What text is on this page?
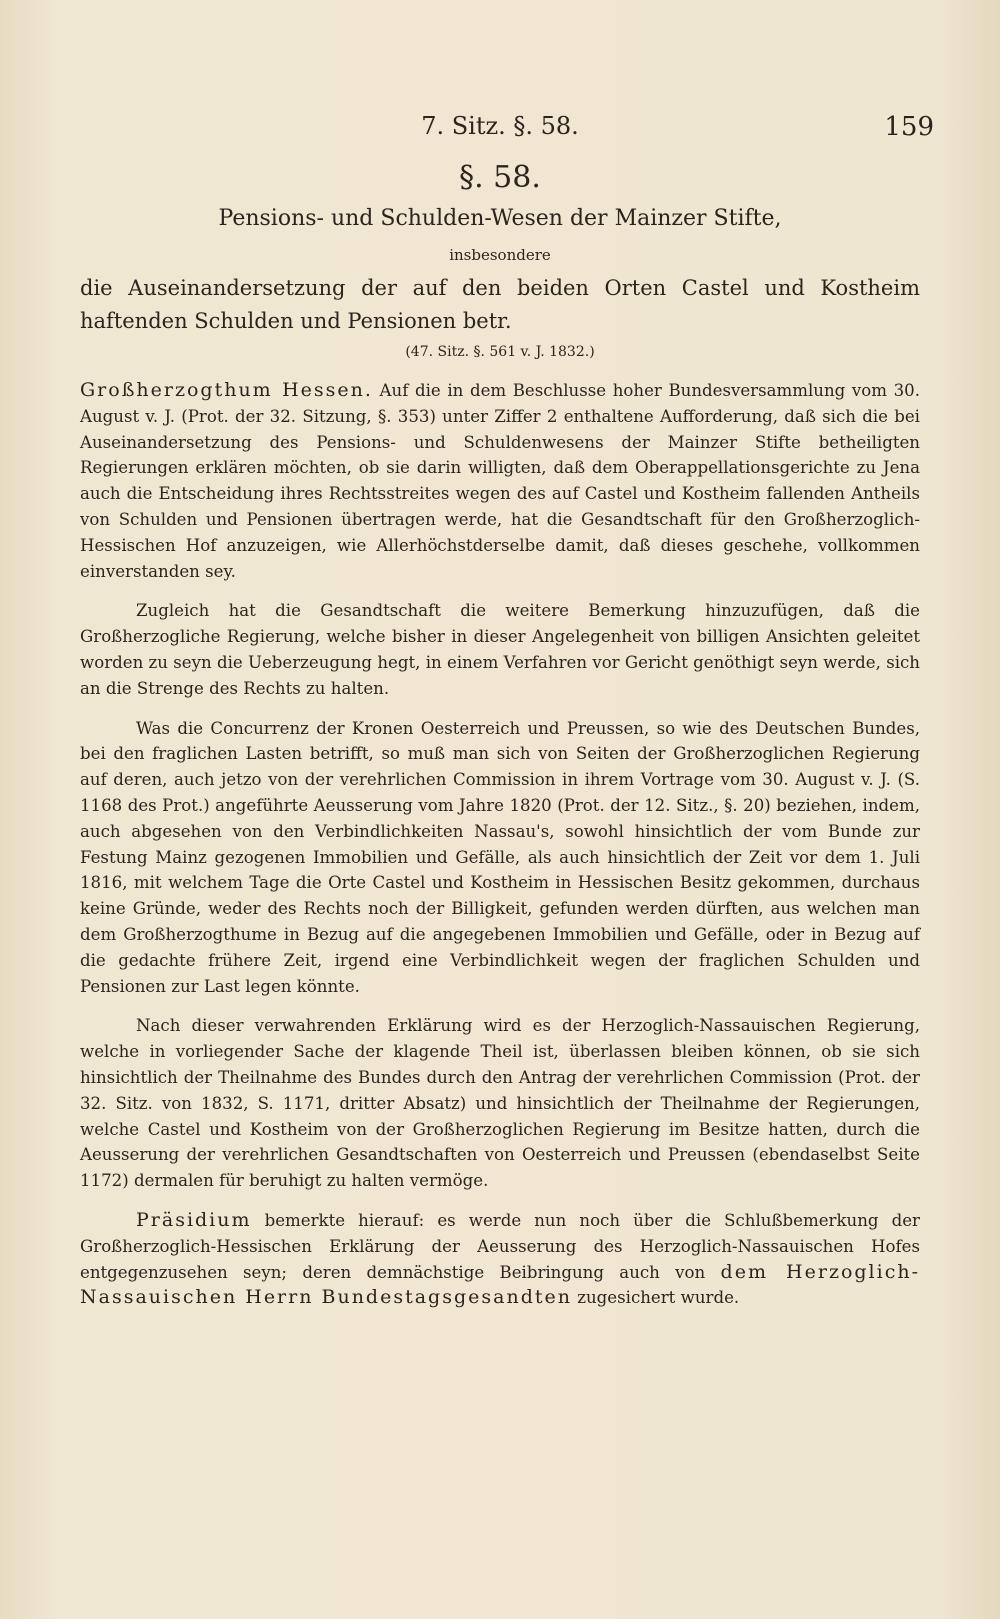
7. Sitz. §. 58.	159
§. 58.
Pensions- und Schulden-Wesen der Mainzer Stifte,
insbesondere
die Auseinandersetzung der auf den beiden Orten Castel und Kostheim haftenden Schulden und Pensionen betr.
(47. Sitz. §. 561 v. J. 1832.)

Großherzogthum Hessen. Auf die in dem Beschlusse hoher Bundesversammlung vom 30. August v. J. (Prot. der 32. Sitzung, §. 353) unter Ziffer 2 enthaltene Aufforderung, daß sich die bei Auseinandersetzung des Pensions- und Schuldenwesens der Mainzer Stifte betheiligten Regierungen erklären möchten, ob sie darin willigten, daß dem Oberappellationsgerichte zu Jena auch die Entscheidung ihres Rechtsstreites wegen des auf Castel und Kostheim fallenden Antheils von Schulden und Pensionen übertragen werde, hat die Gesandtschaft für den Großherzoglich-Hessischen Hof anzuzeigen, wie Allerhöchstderselbe damit, daß dieses geschehe, vollkommen einverstanden sey.

Zugleich hat die Gesandtschaft die weitere Bemerkung hinzuzufügen, daß die Großherzogliche Regierung, welche bisher in dieser Angelegenheit von billigen Ansichten geleitet worden zu seyn die Ueberzeugung hegt, in einem Verfahren vor Gericht genöthigt seyn werde, sich an die Strenge des Rechts zu halten.

Was die Concurrenz der Kronen Oesterreich und Preussen, so wie des Deutschen Bundes, bei den fraglichen Lasten betrifft, so muß man sich von Seiten der Großherzoglichen Regierung auf deren, auch jetzo von der verehrlichen Commission in ihrem Vortrage vom 30. August v. J. (S. 1168 des Prot.) angeführte Aeusserung vom Jahre 1820 (Prot. der 12. Sitz., §. 20) beziehen, indem, auch abgesehen von den Verbindlichkeiten Nassau's, sowohl hinsichtlich der vom Bunde zur Festung Mainz gezogenen Immobilien und Gefälle, als auch hinsichtlich der Zeit vor dem 1. Juli 1816, mit welchem Tage die Orte Castel und Kostheim in Hessischen Besitz gekommen, durchaus keine Gründe, weder des Rechts noch der Billigkeit, gefunden werden dürften, aus welchen man dem Großherzogthume in Bezug auf die angegebenen Immobilien und Gefälle, oder in Bezug auf die gedachte frühere Zeit, irgend eine Verbindlichkeit wegen der fraglichen Schulden und Pensionen zur Last legen könnte.

Nach dieser verwahrenden Erklärung wird es der Herzoglich-Nassauischen Regierung, welche in vorliegender Sache der klagende Theil ist, überlassen bleiben können, ob sie sich hinsichtlich der Theilnahme des Bundes durch den Antrag der verehrlichen Commission (Prot. der 32. Sitz. von 1832, S. 1171, dritter Absatz) und hinsichtlich der Theilnahme der Regierungen, welche Castel und Kostheim von der Großherzoglichen Regierung im Besitze hatten, durch die Aeusserung der verehrlichen Gesandtschaften von Oesterreich und Preussen (ebendaselbst Seite 1172) dermalen für beruhigt zu halten vermöge.

Präsidium bemerkte hierauf: es werde nun noch über die Schlußbemerkung der Großherzoglich-Hessischen Erklärung der Aeusserung des Herzoglich-Nassauischen Hofes entgegenzusehen seyn; deren demnächstige Beibringung auch von dem Herzoglich-Nassauischen Herrn Bundestagsgesandten zugesichert wurde.
